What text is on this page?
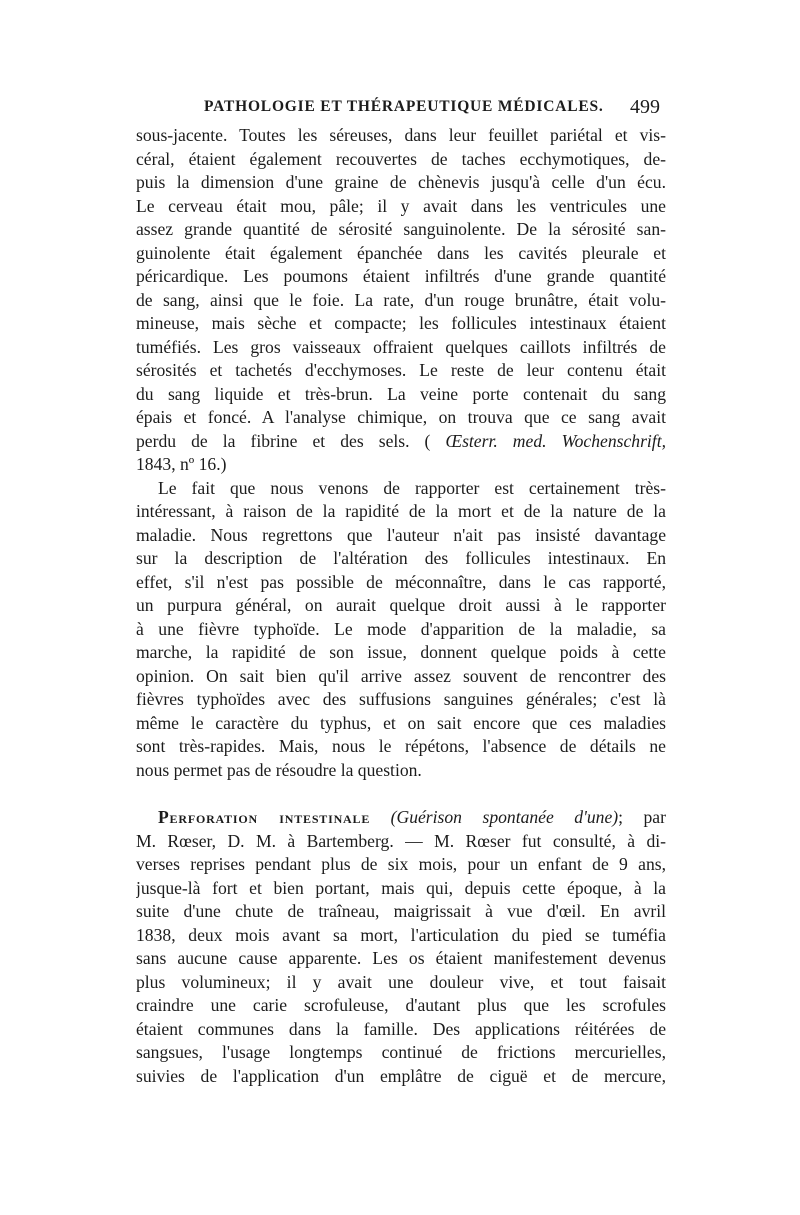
PATHOLOGIE ET THÉRAPEUTIQUE MÉDICALES. 499
sous-jacente. Toutes les séreuses, dans leur feuillet pariétal et vis-
céral, étaient également recouvertes de taches ecchymotiques, de-
puis la dimension d'une graine de chènevis jusqu'à celle d'un écu.
Le cerveau était mou, pâle; il y avait dans les ventricules une
assez grande quantité de sérosité sanguinolente. De la sérosité san-
guinolente était également épanchée dans les cavités pleurale et
péricardique. Les poumons étaient infiltrés d'une grande quantité
de sang, ainsi que le foie. La rate, d'un rouge brunâtre, était volu-
mineuse, mais sèche et compacte; les follicules intestinaux étaient
tuméfiés. Les gros vaisseaux offraient quelques caillots infiltrés de
sérosités et tachetés d'ecchymoses. Le reste de leur contenu était
du sang liquide et très-brun. La veine porte contenait du sang
épais et foncé. A l'analyse chimique, on trouva que ce sang avait
perdu de la fibrine et des sels. ( Œsterr. med. Wochenschrift,
1843, nº 16.)
Le fait que nous venons de rapporter est certainement très-
intéressant, à raison de la rapidité de la mort et de la nature de la
maladie. Nous regrettons que l'auteur n'ait pas insisté davantage
sur la description de l'altération des follicules intestinaux. En
effet, s'il n'est pas possible de méconnaître, dans le cas rapporté,
un purpura général, on aurait quelque droit aussi à le rapporter
à une fièvre typhoïde. Le mode d'apparition de la maladie, sa
marche, la rapidité de son issue, donnent quelque poids à cette
opinion. On sait bien qu'il arrive assez souvent de rencontrer des
fièvres typhoïdes avec des suffusions sanguines générales; c'est là
même le caractère du typhus, et on sait encore que ces maladies
sont très-rapides. Mais, nous le répétons, l'absence de détails ne
nous permet pas de résoudre la question.
Perforation intestinale (Guérison spontanée d'une); par
M. Rœser, D. M. à Bartemberg. — M. Rœser fut consulté, à di-
verses reprises pendant plus de six mois, pour un enfant de 9 ans,
jusque-là fort et bien portant, mais qui, depuis cette époque, à la
suite d'une chute de traîneau, maigrissait à vue d'œil. En avril
1838, deux mois avant sa mort, l'articulation du pied se tuméfia
sans aucune cause apparente. Les os étaient manifestement devenus
plus volumineux; il y avait une douleur vive, et tout faisait
craindre une carie scrofuleuse, d'autant plus que les scrofules
étaient communes dans la famille. Des applications réitérées de
sangsues, l'usage longtemps continué de frictions mercurielles,
suivies de l'application d'un emplâtre de ciguë et de mercure,
